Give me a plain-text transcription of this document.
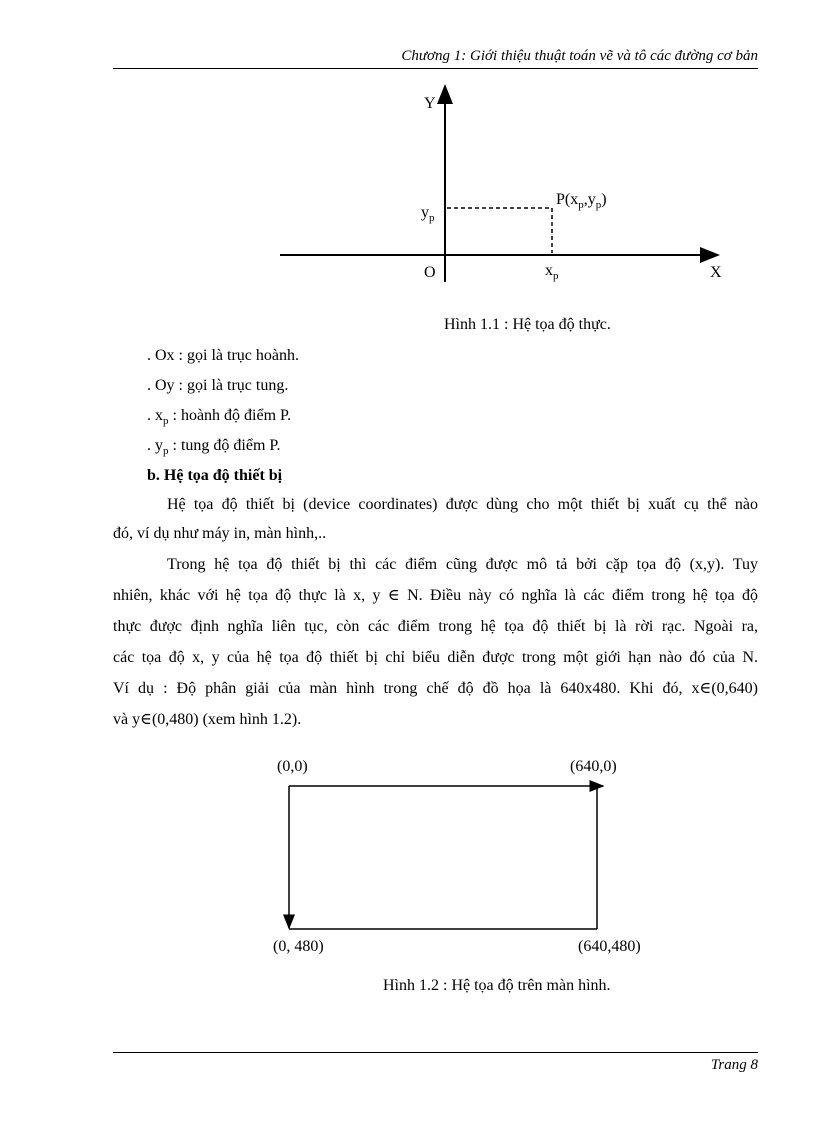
Chương 1: Giới thiệu thuật toán vẽ và tô các đường cơ bản
Y
X
O
$y_p$
$x_p$
$P(x_p,y_p)$
Hình 1.1 : Hệ tọa độ thực.
. Ox : gọi là trục hoành.
. Oy : gọi là trục tung.
. $x_p$ : hoành độ điểm P.
. $y_p$ : tung độ điểm P.
b. Hệ tọa độ thiết bị
Hệ tọa độ thiết bị (device coordinates) được dùng cho một thiết bị xuất cụ thể nào
đó, ví dụ như máy in, màn hình,..
Trong hệ tọa độ thiết bị thì các điểm cũng được mô tả bởi cặp tọa độ (x,y). Tuy
nhiên, khác với hệ tọa độ thực là x, y ∈ N. Điều này có nghĩa là các điểm trong hệ tọa độ
thực được định nghĩa liên tục, còn các điểm trong hệ tọa độ thiết bị là rời rạc. Ngoài ra,
các tọa độ x, y của hệ tọa độ thiết bị chỉ biểu diễn được trong một giới hạn nào đó của N.
Ví dụ : Độ phân giải của màn hình trong chế độ đồ họa là 640x480. Khi đó, x∈(0,640)
và y∈(0,480) (xem hình 1.2).
(0,0)	(640,0)
(0, 480)	(640,480)
Hình 1.2 : Hệ tọa độ trên màn hình.
Trang 8
